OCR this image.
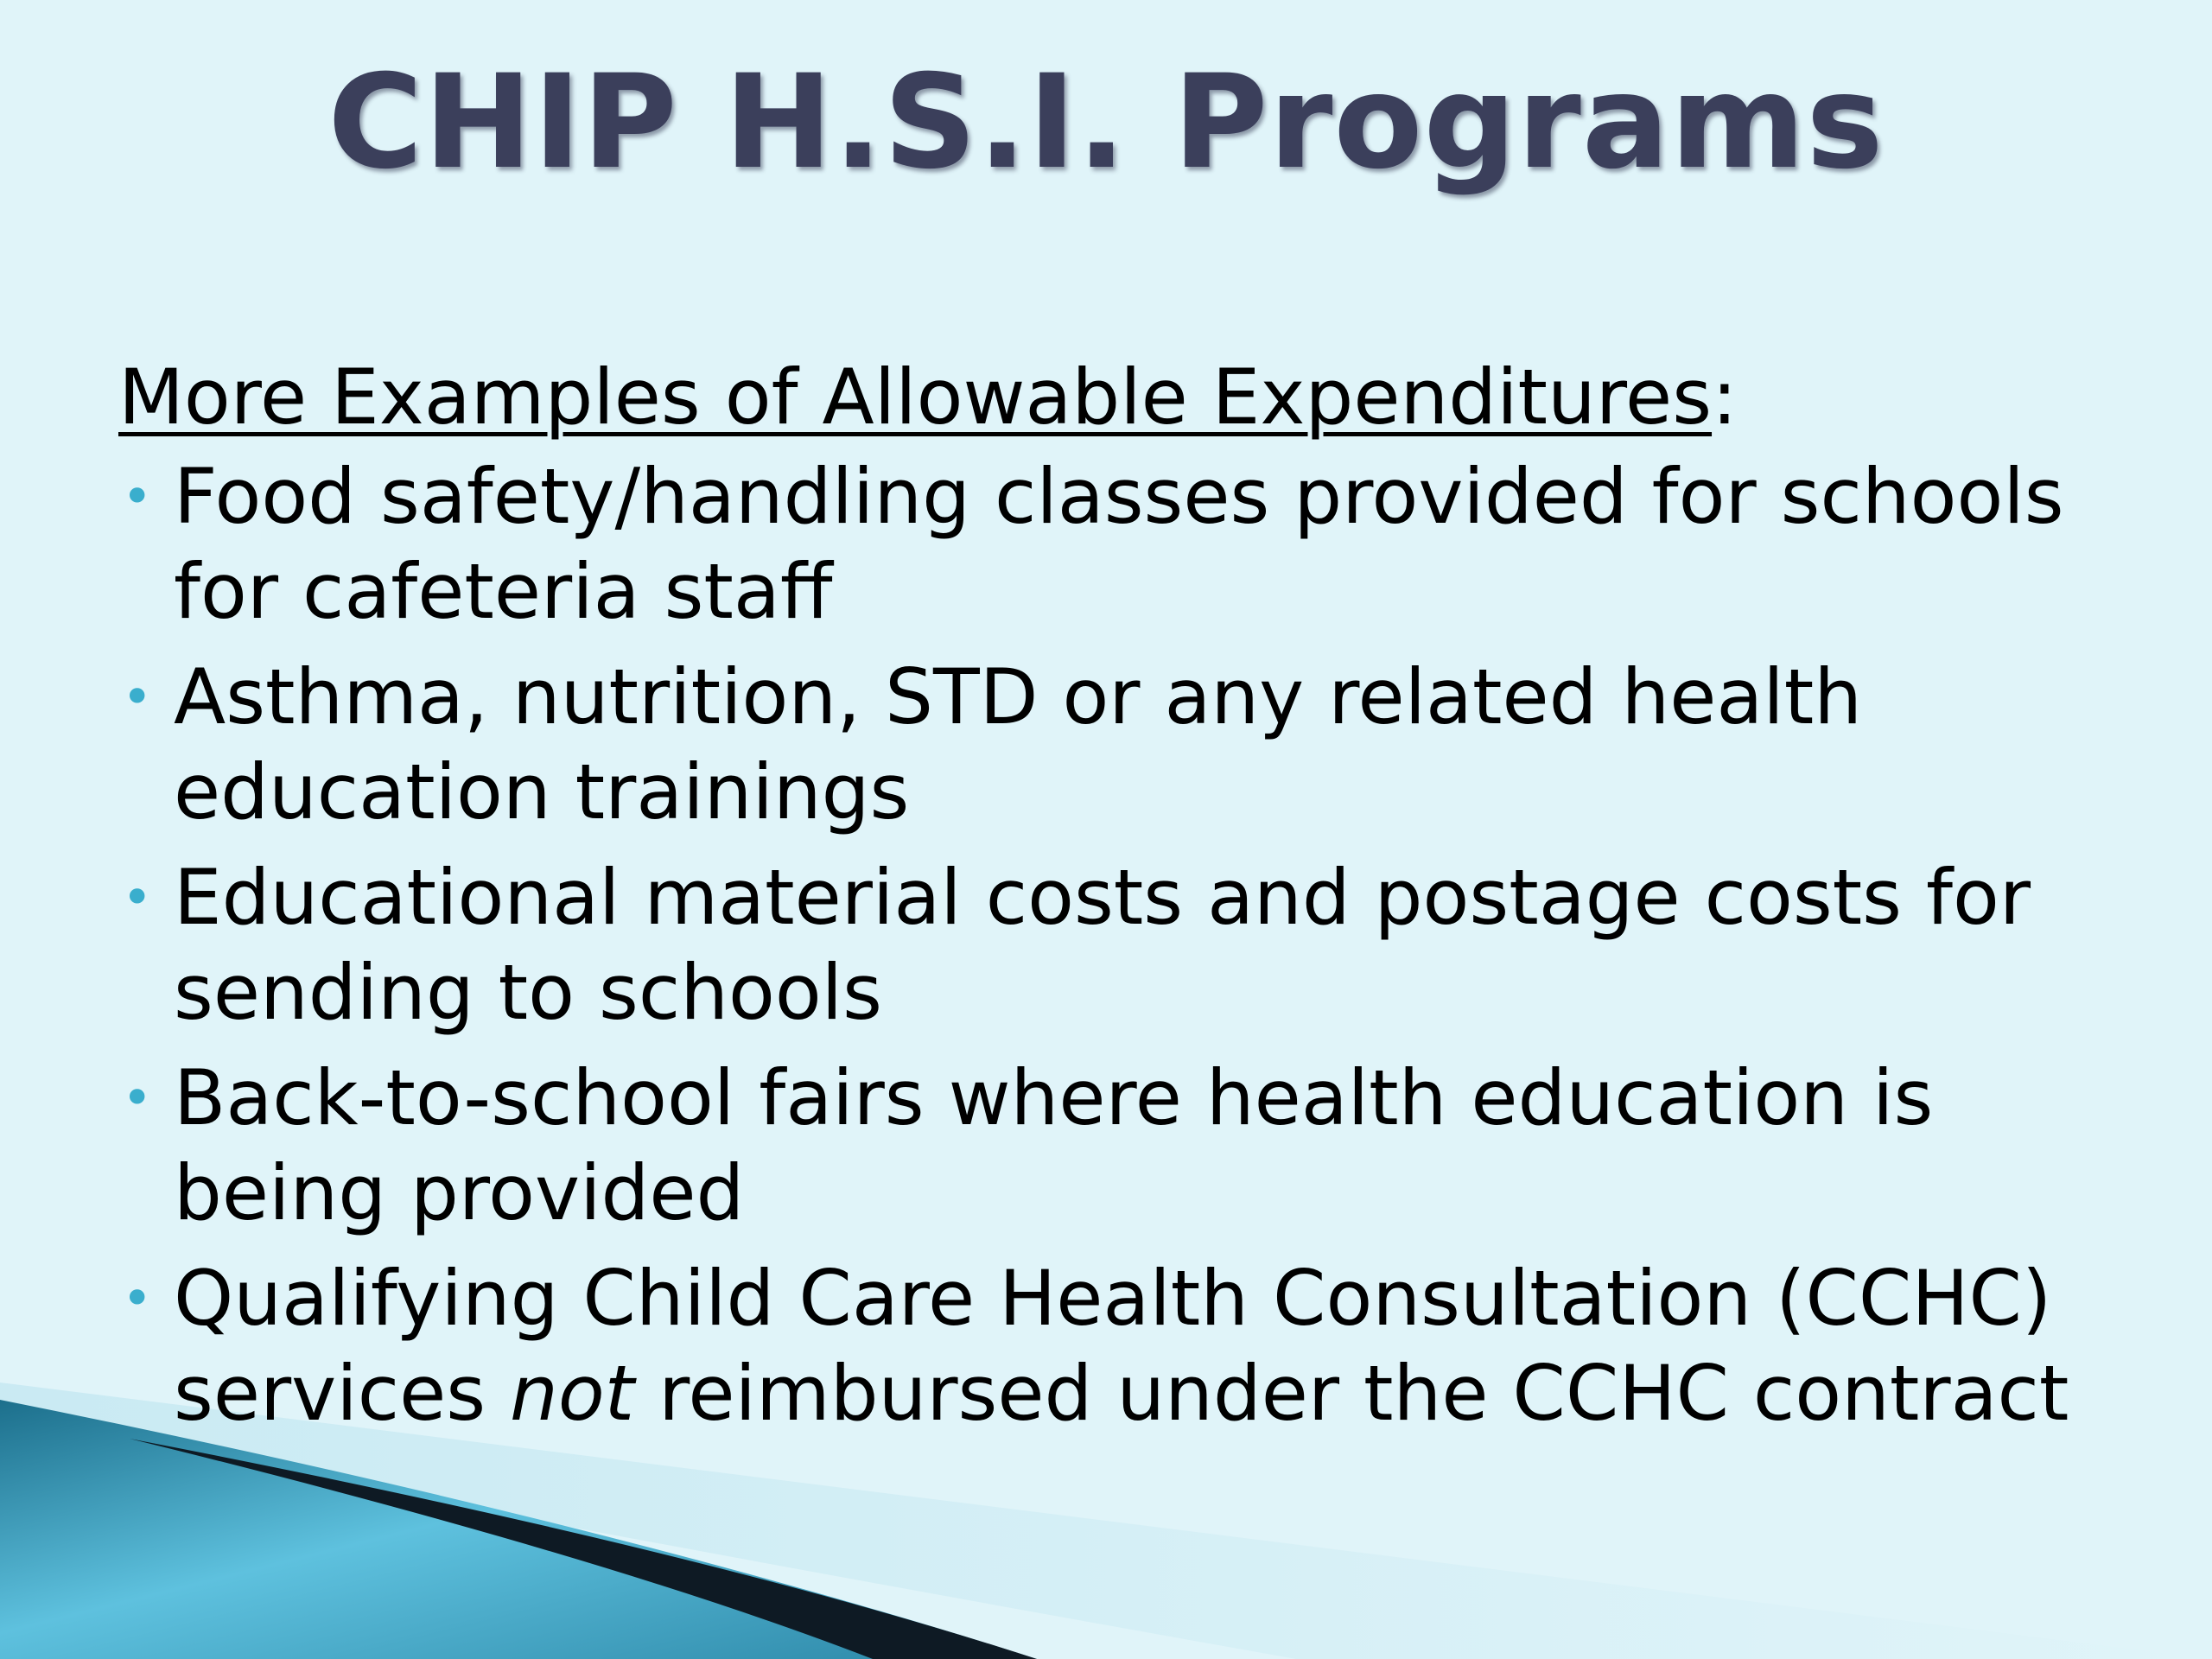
CHIP H.S.I. Programs
More Examples of Allowable Expenditures:
• Food safety/handling classes provided for schools for cafeteria staff
• Asthma, nutrition, STD or any related health education trainings
• Educational material costs and postage costs for sending to schools
• Back-to-school fairs where health education is being provided
• Qualifying Child Care Health Consultation (CCHC) services not reimbursed under the CCHC contract
